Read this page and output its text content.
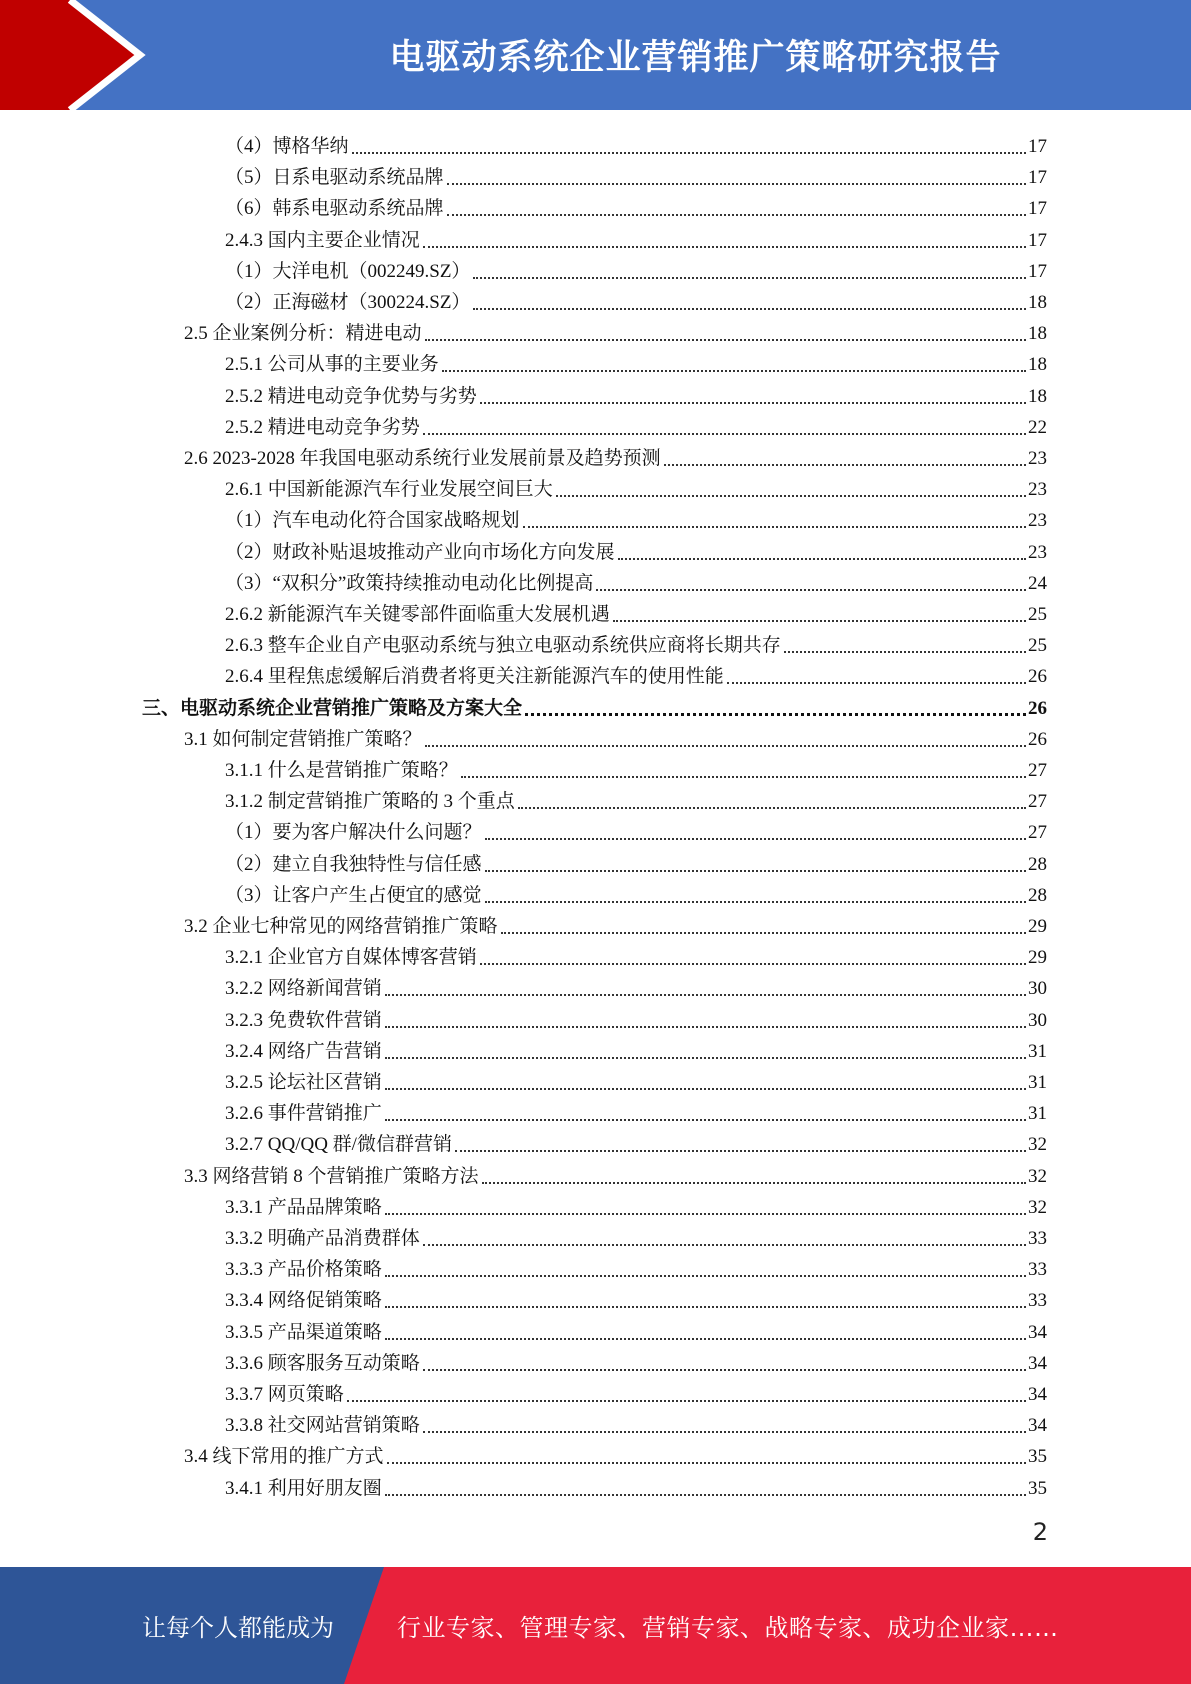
电驱动系统企业营销推广策略研究报告
（4）博格华纳	17
（5）日系电驱动系统品牌	17
（6）韩系电驱动系统品牌	17
2.4.3 国内主要企业情况	17
（1）大洋电机（002249.SZ）	17
（2）正海磁材（300224.SZ）	18
2.5 企业案例分析：精进电动	18
2.5.1 公司从事的主要业务	18
2.5.2 精进电动竞争优势与劣势	18
2.5.2 精进电动竞争劣势	22
2.6 2023-2028 年我国电驱动系统行业发展前景及趋势预测	23
2.6.1 中国新能源汽车行业发展空间巨大	23
（1）汽车电动化符合国家战略规划	23
（2）财政补贴退坡推动产业向市场化方向发展	23
（3）“双积分”政策持续推动电动化比例提高	24
2.6.2 新能源汽车关键零部件面临重大发展机遇	25
2.6.3 整车企业自产电驱动系统与独立电驱动系统供应商将长期共存	25
2.6.4 里程焦虑缓解后消费者将更关注新能源汽车的使用性能	26
三、电驱动系统企业营销推广策略及方案大全	26
3.1 如何制定营销推广策略？	26
3.1.1 什么是营销推广策略？	27
3.1.2 制定营销推广策略的 3 个重点	27
（1）要为客户解决什么问题？	27
（2）建立自我独特性与信任感	28
（3）让客户产生占便宜的感觉	28
3.2 企业七种常见的网络营销推广策略	29
3.2.1 企业官方自媒体博客营销	29
3.2.2 网络新闻营销	30
3.2.3 免费软件营销	30
3.2.4 网络广告营销	31
3.2.5 论坛社区营销	31
3.2.6 事件营销推广	31
3.2.7 QQ/QQ 群/微信群营销	32
3.3 网络营销 8 个营销推广策略方法	32
3.3.1 产品品牌策略	32
3.3.2 明确产品消费群体	33
3.3.3 产品价格策略	33
3.3.4 网络促销策略	33
3.3.5 产品渠道策略	34
3.3.6 顾客服务互动策略	34
3.3.7 网页策略	34
3.3.8 社交网站营销策略	34
3.4 线下常用的推广方式	35
3.4.1 利用好朋友圈	35
2
让每个人都能成为	行业专家、管理专家、营销专家、战略专家、成功企业家……
